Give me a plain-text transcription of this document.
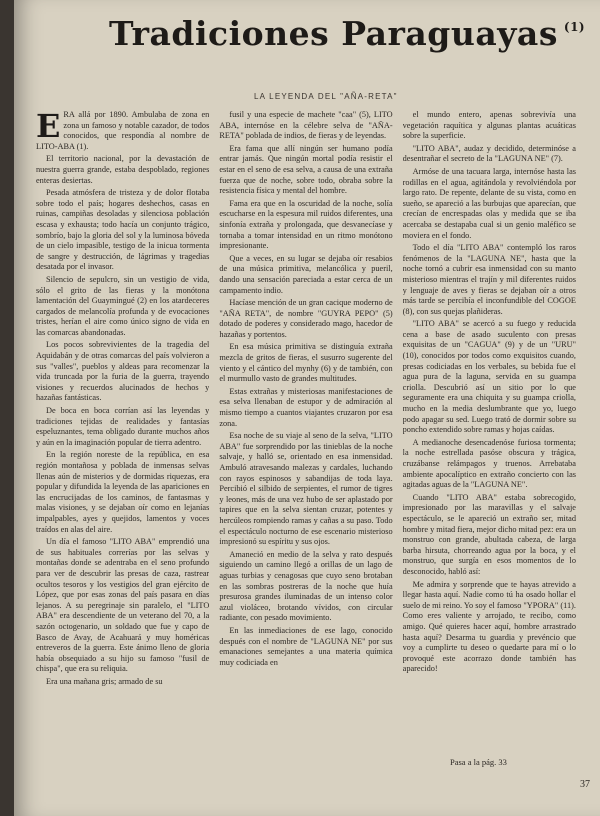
Tradiciones Paraguayas $^{(1)}$
LA LEYENDA DEL "AÑA-RETA"

ERA allá por 1890. Ambulaba de zona en zona un famoso y notable cazador, de todos conocidos, que respondía al nombre de LITO-ABA (1).

El territorio nacional, por la devastación de nuestra guerra grande, estaba despoblado, regiones enteras desiertas.

Pesada atmósfera de tristeza y de dolor flotaba sobre todo el país; hogares deshechos, casas en ruinas, campiñas desoladas y silenciosa población escasa y exhausta; todo hacía un conjunto trágico, sombrío, bajo la gloria del sol y la luminosa bóveda de un cielo impasible, testigo de la inicua tormenta de sangre y destrucción, de lágrimas y tragedias desatada por el invasor.

Silencio de sepulcro, sin un vestigio de vida, sólo el grito de las fieras y la monótona lamentación del Guaymingué (2) en los atardeceres cargados de melancolía profunda y de evocaciones tristes, herían el aire como único signo de vida en las comarcas abandonadas.

Los pocos sobrevivientes de la tragedia del Aquidabán y de otras comarcas del país volvieron a sus "valles", pueblos y aldeas para recomenzar la vida truncada por la furia de la guerra, trayendo visiones y recuerdos alucinados de hechos y hazañas fantásticas.

De boca en boca corrían así las leyendas y tradiciones tejidas de realidades y fantasías espeluznantes, tema obligado durante muchos años y aún en la imaginación popular de tierra adentro.

En la región noreste de la república, en esa región montañosa y poblada de inmensas selvas llenas aún de misterios y de dormidas riquezas, era popular y difundida la leyenda de las apariciones en las encrucijadas de los caminos, de fantasmas y malas visiones, y se dejaban oír como en lejanías impalpables, ayes y quejidos, lamentos y voces traídos en alas del aire.

Un día el famoso "LITO ABA" emprendió una de sus habituales correrías por las selvas y montañas donde se adentraba en el seno profundo para ver de descubrir las presas de caza, rastrear ocultos tesoros y los vestigios del gran ejército de López, que por esas zonas del país pasara en días lejanos. A su peregrinaje sin paralelo, el "LITO ABA" era descendiente de un veterano del 70, a la sazón octogenario, un soldado que fue y capo de Basco de Avay, de Acahuará y muy homéricas entreveros de la guerra. Este ánimo lleno de gloria había obsequiado a su hijo su famoso "fusil de chispa", que era su reliquia.

Era una mañana gris; armado de su

fusil y una especie de machete "caa" (5), LITO ABA, internóse en la célebre selva de "AÑA-RETA" poblada de indios, de fieras y de leyendas.

Era fama que allí ningún ser humano podía entrar jamás. Que ningún mortal podía resistir el estar en el seno de esa selva, a causa de una extraña fuerza que de noche, sobre todo, obraba sobre la resistencia física y mental del hombre.

Fama era que en la oscuridad de la noche, solía escucharse en la espesura mil ruidos diferentes, una sinfonía extraña y prolongada, que desvanecíase y tornaba a tomar intensidad en un ritmo monótono impresionante.

Que a veces, en su lugar se dejaba oír resabios de una música primitiva, melancólica y pueril, dando una sensación pareciada a estar cerca de un campamento indio.

Hacíase mención de un gran cacique moderno de "AÑA RETA", de nombre "GUYRA PEPO" (5) dotado de poderes y considerado mago, hacedor de hazañas y portentos.

En esa música primitiva se distinguía extraña mezcla de gritos de fieras, el susurro sugerente del viento y el cántico del mynhy (6) y de también, con el murmullo vasto de grandes multitudes.

Estas extrañas y misteriosas manifestaciones de esa selva llenaban de estupor y de admiración al mismo tiempo a cuantos viajantes cruzaron por esa zona.

Esa noche de su viaje al seno de la selva, "LITO ABA" fue sorprendido por las tinieblas de la noche salvaje, y halló se, orientado en esa inmensidad. Ambuló atravesando malezas y cardales, luchando con rayos espinosos y sabandijas de toda laya. Percibió el silbido de serpientes, el rumor de tigres y leones, más de una vez hubo de ser aplastado por tapires que en la selva sientan cruzar, potentes y hercúleos rompiendo ramas y cañas a su paso. Todo el espectáculo nocturno de ese escenario misterioso impresionó su espíritu y sus ojos.

Amaneció en medio de la selva y rato después siguiendo un camino llegó a orillas de un lago de aguas turbias y cenagosas que cuyo seno brotaban en las sombras postreras de la noche que huía presurosa grandes iluminadas de un intenso color azul violáceo, brotando vívidos, con circular radiante, con pesado movimiento.

En las inmediaciones de ese lago, conocido después con el nombre de "LAGUNA NE" por sus emanaciones semejantes a una materia química muy codiciada en

el mundo entero, apenas sobrevivía una vegetación raquítica y algunas plantas acuáticas sobre la superficie.

"LITO ABA", audaz y decidido, determinóse a desentrañar el secreto de la "LAGUNA NE" (7).

Armóse de una tacuara larga, internóse hasta las rodillas en el agua, agitándola y revolviéndola por largo rato. De repente, delante de su vista, como en sueño, se apareció a las burbujas que aparecían, que crecían de encrespadas olas y medida que se iba acercaba se destapaba cual si un genio maléfico se moviera en el fondo.

Todo el día "LITO ABA" contempló los raros fenómenos de la "LAGUNA NE", hasta que la noche tornó a cubrir esa inmensidad con su manto misterioso mientras el trajín y mil diferentes ruidos y lenguaje de aves y fieras se dejaban oír a otros más tarde se percibía el inconfundible del COGOE (8), con sus quejas plañideras.

"LITO ABA" se acercó a su fuego y reducida cena a base de asado suculento con presas exquisitas de un "CAGUA" (9) y de un "URU" (10), conocidos por todos como exquisitos cuando, presas codiciadas en los verbales, su bebida fue el agua pura de la laguna, servida en su guampa criolla. Descubrió así un sitio por lo que seguramente era una chiquita y su guampa criolla, mucho en la media deslumbrante que yo, luego podo apagar su sed. Luego trató de dormir sobre su poncho extendido sobre ramas y hojas caídas.

A medianoche desencadenóse furiosa tormenta; la noche estrellada pasóse obscura y trágica, cruzábanse relámpagos y truenos. Arrebataba ambiente apocalíptico en extraño concierto con las agitadas aguas de la "LAGUNA NE".

Cuando "LITO ABA" estaba sobrecogido, impresionado por las maravillas y el salvaje espectáculo, se le apareció un extraño ser, mitad hombre y mitad fiera, mejor dicho mitad pez: era un monstruo con grande, abultada cabeza, de larga barba hirsuta, chorreando agua por la boca, y el monstruo, que surgía en esos momentos de lo desconocido, habló así:

Me admira y sorprende que te hayas atrevido a llegar hasta aquí. Nadie como tú ha osado hollar el suelo de mi reino. Yo soy el famoso "YPORA" (11). Como eres valiente y arrojado, te recibo, como amigo. Qué quieres hacer aquí, hombre arrastrado hasta aquí? Desarma tu guardia y prevéncio que voy a cumplirte tu deseo o quedarte para mí o lo provoqué este acorrazo donde también has aparecido!

Pasa a la pág. 33
37
